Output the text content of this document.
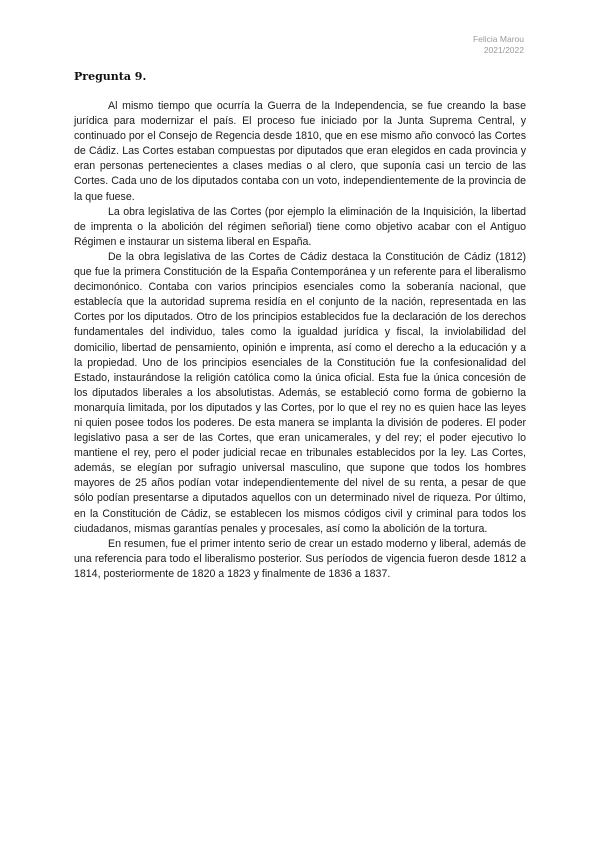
Felicia Marou
2021/2022
Pregunta 9.

Al mismo tiempo que ocurría la Guerra de la Independencia, se fue creando la base jurídica para modernizar el país. El proceso fue iniciado por la Junta Suprema Central, y continuado por el Consejo de Regencia desde 1810, que en ese mismo año convocó las Cortes de Cádiz. Las Cortes estaban compuestas por diputados que eran elegidos en cada provincia y eran personas pertenecientes a clases medias o al clero, que suponía casi un tercio de las Cortes. Cada uno de los diputados contaba con un voto, independientemente de la provincia de la que fuese.

La obra legislativa de las Cortes (por ejemplo la eliminación de la Inquisición, la libertad de imprenta o la abolición del régimen señorial) tiene como objetivo acabar con el Antiguo Régimen e instaurar un sistema liberal en España.

De la obra legislativa de las Cortes de Cádiz destaca la Constitución de Cádiz (1812) que fue la primera Constitución de la España Contemporánea y un referente para el liberalismo decimonónico. Contaba con varios principios esenciales como la soberanía nacional, que establecía que la autoridad suprema residía en el conjunto de la nación, representada en las Cortes por los diputados. Otro de los principios establecidos fue la declaración de los derechos fundamentales del individuo, tales como la igualdad jurídica y fiscal, la inviolabilidad del domicilio, libertad de pensamiento, opinión e imprenta, así como el derecho a la educación y a la propiedad. Uno de los principios esenciales de la Constitución fue la confesionalidad del Estado, instaurándose la religión católica como la única oficial. Esta fue la única concesión de los diputados liberales a los absolutistas. Además, se estableció como forma de gobierno la monarquía limitada, por los diputados y las Cortes, por lo que el rey no es quien hace las leyes ni quien posee todos los poderes. De esta manera se implanta la división de poderes. El poder legislativo pasa a ser de las Cortes, que eran unicamerales, y del rey; el poder ejecutivo lo mantiene el rey, pero el poder judicial recae en tribunales establecidos por la ley. Las Cortes, además, se elegían por sufragio universal masculino, que supone que todos los hombres mayores de 25 años podían votar independientemente del nivel de su renta, a pesar de que sólo podían presentarse a diputados aquellos con un determinado nivel de riqueza. Por último, en la Constitución de Cádiz, se establecen los mismos códigos civil y criminal para todos los ciudadanos, mismas garantías penales y procesales, así como la abolición de la tortura.

En resumen, fue el primer intento serio de crear un estado moderno y liberal, además de una referencia para todo el liberalismo posterior. Sus períodos de vigencia fueron desde 1812 a 1814, posteriormente de 1820 a 1823 y finalmente de 1836 a 1837.
